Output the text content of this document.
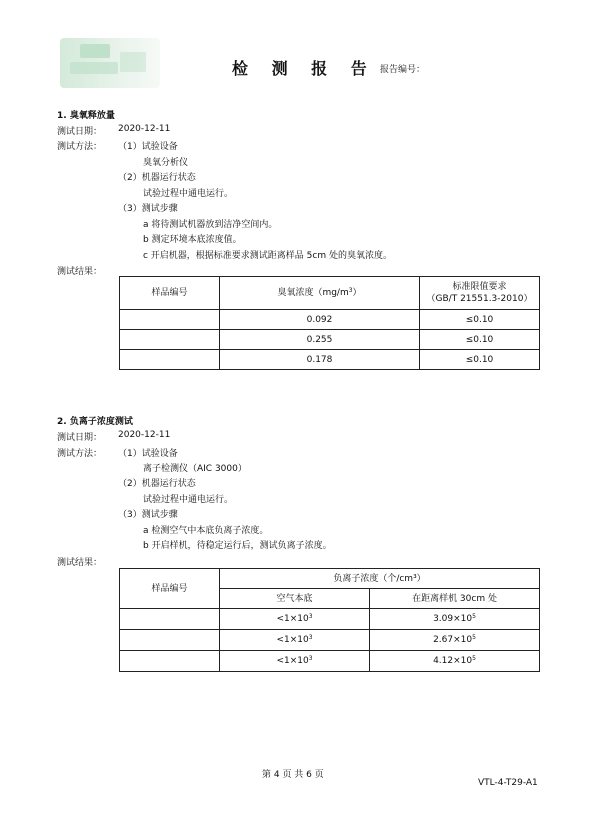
检 测 报 告 报告编号：
1. 臭氧释放量
测试日期： 2020-12-11
测试方法： （1）试验设备
臭氧分析仪
（2）机器运行状态
试验过程中通电运行。
（3）测试步骤
a 将待测试机器放到洁净空间内。
b 测定环境本底浓度值。
c 开启机器，根据标准要求测试距离样品 5cm 处的臭氧浓度。
测试结果：
样品编号	臭氧浓度$(mg/m^3)$	标准限值要求
（GB/T 21551.3-2010）

	0.092	≤0.10
	0.255	≤0.10
	0.178	≤0.10
2. 负离子浓度测试
测试日期： 2020-12-11
测试方法： （1）试验设备
离子检测仪（AIC 3000）
（2）机器运行状态
试验过程中通电运行。
（3）测试步骤
a 检测空气中本底负离子浓度。
b 开启样机，待稳定运行后，测试负离子浓度。
测试结果：
样品编号	负离子浓度（个/cm³）	
	空气本底	在距离样机 30cm 处
	$<1\times 10^3$	$3.09\times 10^5$
	$<1\times 10^3$	$2.67\times 10^5$
	$<1\times 10^3$	$4.12\times 10^5$
第 4 页 共 6 页
VTL-4-T29-A1
